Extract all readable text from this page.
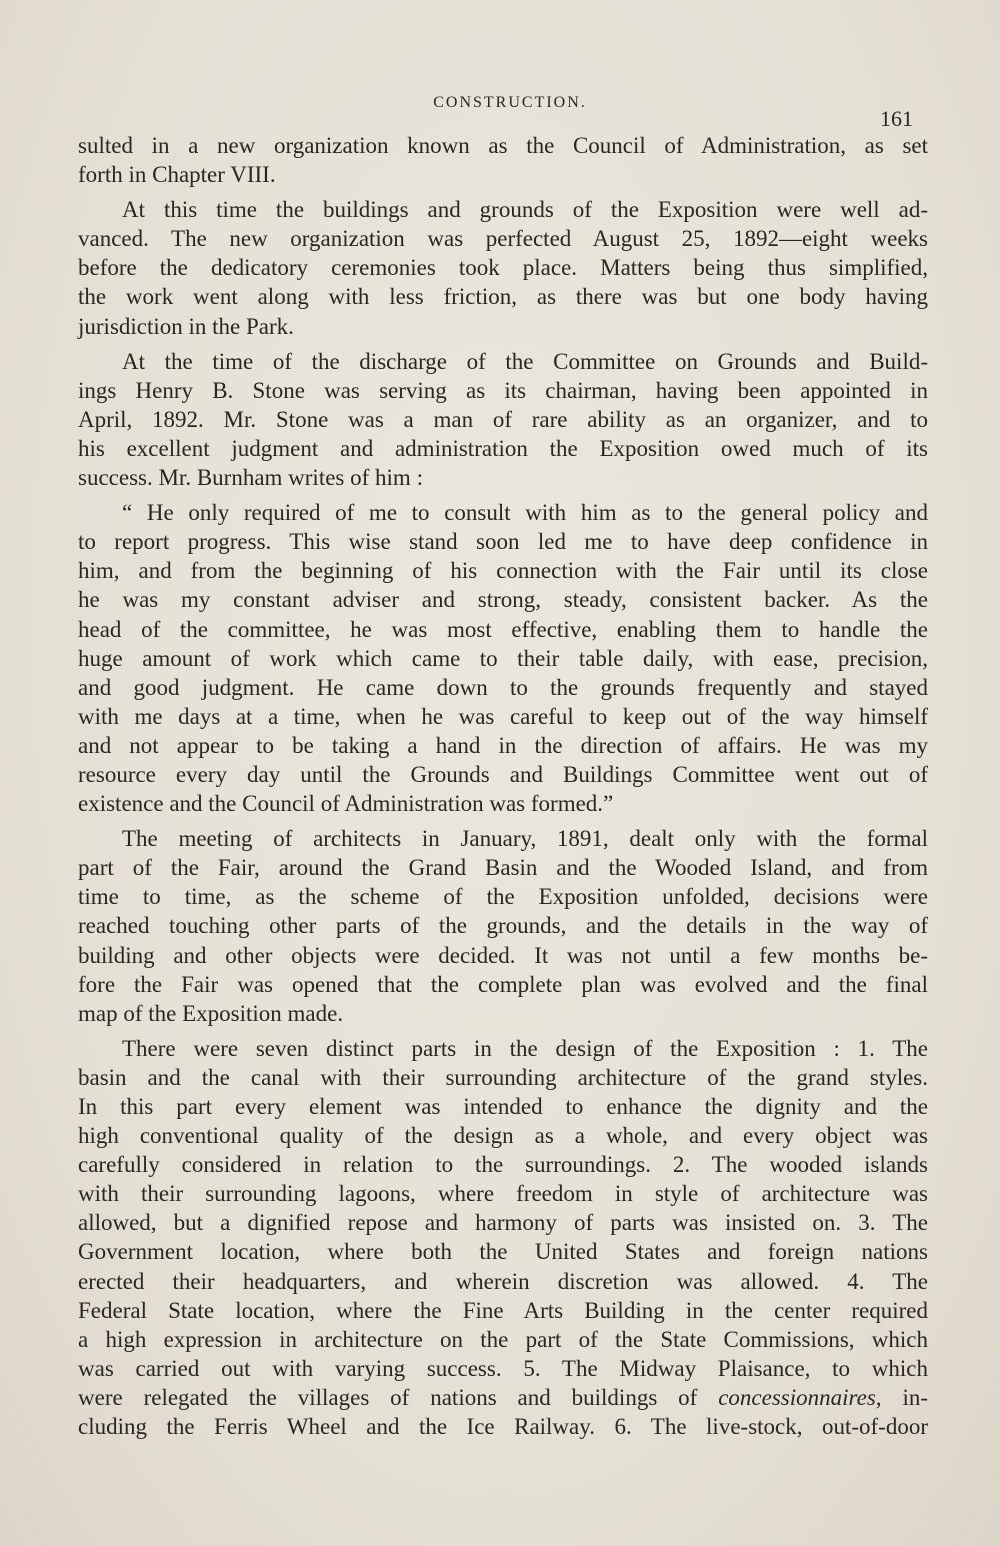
CONSTRUCTION.
161
sulted in a new organization known as the Council of Administration, as set
forth in Chapter VIII.
At this time the buildings and grounds of the Exposition were well ad-
vanced. The new organization was perfected August 25, 1892—eight weeks
before the dedicatory ceremonies took place. Matters being thus simplified,
the work went along with less friction, as there was but one body having
jurisdiction in the Park.
At the time of the discharge of the Committee on Grounds and Build-
ings Henry B. Stone was serving as its chairman, having been appointed in
April, 1892. Mr. Stone was a man of rare ability as an organizer, and to
his excellent judgment and administration the Exposition owed much of its
success. Mr. Burnham writes of him :
“ He only required of me to consult with him as to the general policy and
to report progress. This wise stand soon led me to have deep confidence in
him, and from the beginning of his connection with the Fair until its close
he was my constant adviser and strong, steady, consistent backer. As the
head of the committee, he was most effective, enabling them to handle the
huge amount of work which came to their table daily, with ease, precision,
and good judgment. He came down to the grounds frequently and stayed
with me days at a time, when he was careful to keep out of the way himself
and not appear to be taking a hand in the direction of affairs. He was my
resource every day until the Grounds and Buildings Committee went out of
existence and the Council of Administration was formed.”
The meeting of architects in January, 1891, dealt only with the formal
part of the Fair, around the Grand Basin and the Wooded Island, and from
time to time, as the scheme of the Exposition unfolded, decisions were
reached touching other parts of the grounds, and the details in the way of
building and other objects were decided. It was not until a few months be-
fore the Fair was opened that the complete plan was evolved and the final
map of the Exposition made.
There were seven distinct parts in the design of the Exposition : 1. The
basin and the canal with their surrounding architecture of the grand styles.
In this part every element was intended to enhance the dignity and the
high conventional quality of the design as a whole, and every object was
carefully considered in relation to the surroundings. 2. The wooded islands
with their surrounding lagoons, where freedom in style of architecture was
allowed, but a dignified repose and harmony of parts was insisted on. 3. The
Government location, where both the United States and foreign nations
erected their headquarters, and wherein discretion was allowed. 4. The
Federal State location, where the Fine Arts Building in the center required
a high expression in architecture on the part of the State Commissions, which
was carried out with varying success. 5. The Midway Plaisance, to which
were relegated the villages of nations and buildings of concessionnaires, in-
cluding the Ferris Wheel and the Ice Railway. 6. The live-stock, out-of-door
